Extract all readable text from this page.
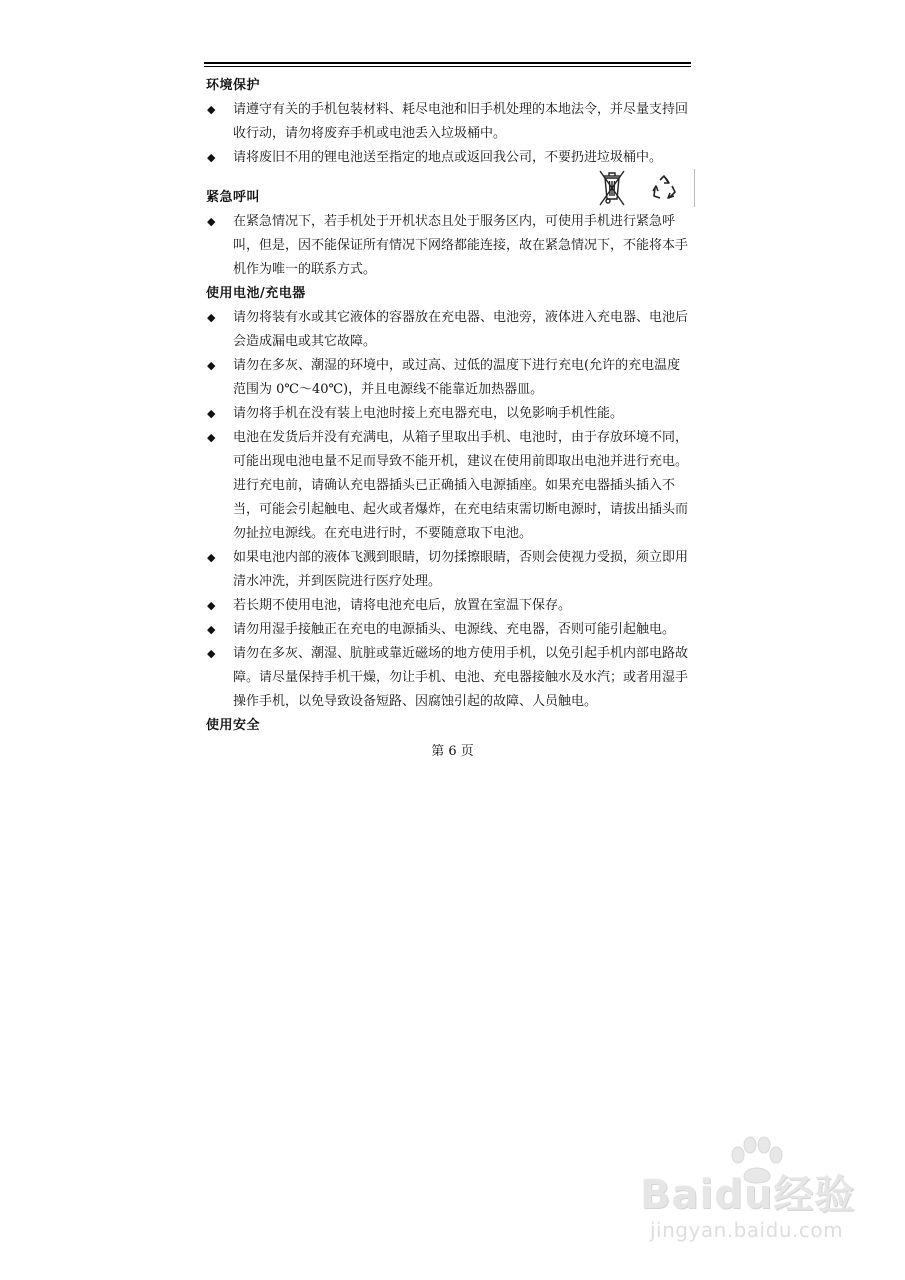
环境保护
◆ 请遵守有关的手机包装材料、耗尽电池和旧手机处理的本地法令，并尽量支持回收行动，请勿将废弃手机或电池丢入垃圾桶中。
◆ 请将废旧不用的锂电池送至指定的地点或返回我公司，不要扔进垃圾桶中。
紧急呼叫
◆ 在紧急情况下，若手机处于开机状态且处于服务区内，可使用手机进行紧急呼叫，但是，因不能保证所有情况下网络都能连接，故在紧急情况下，不能将本手机作为唯一的联系方式。
使用电池/充电器
◆ 请勿将装有水或其它液体的容器放在充电器、电池旁，液体进入充电器、电池后会造成漏电或其它故障。
◆ 请勿在多灰、潮湿的环境中，或过高、过低的温度下进行充电(允许的充电温度范围为 0℃～40℃)，并且电源线不能靠近加热器皿。
◆ 请勿将手机在没有装上电池时接上充电器充电，以免影响手机性能。
◆ 电池在发货后并没有充满电，从箱子里取出手机、电池时，由于存放环境不同，可能出现电池电量不足而导致不能开机，建议在使用前即取出电池并进行充电。进行充电前，请确认充电器插头已正确插入电源插座。如果充电器插头插入不当，可能会引起触电、起火或者爆炸，在充电结束需切断电源时，请拔出插头而勿扯拉电源线。在充电进行时，不要随意取下电池。
◆ 如果电池内部的液体飞溅到眼睛，切勿揉擦眼睛，否则会使视力受损，须立即用清水冲洗，并到医院进行医疗处理。
◆ 若长期不使用电池，请将电池充电后，放置在室温下保存。
◆ 请勿用湿手接触正在充电的电源插头、电源线、充电器，否则可能引起触电。
◆ 请勿在多灰、潮湿、肮脏或靠近磁场的地方使用手机，以免引起手机内部电路故障。请尽量保持手机干燥，勿让手机、电池、充电器接触水及水汽；或者用湿手操作手机，以免导致设备短路、因腐蚀引起的故障、人员触电。
使用安全
第 6 页
Baidu经验
jingyan.baidu.com
